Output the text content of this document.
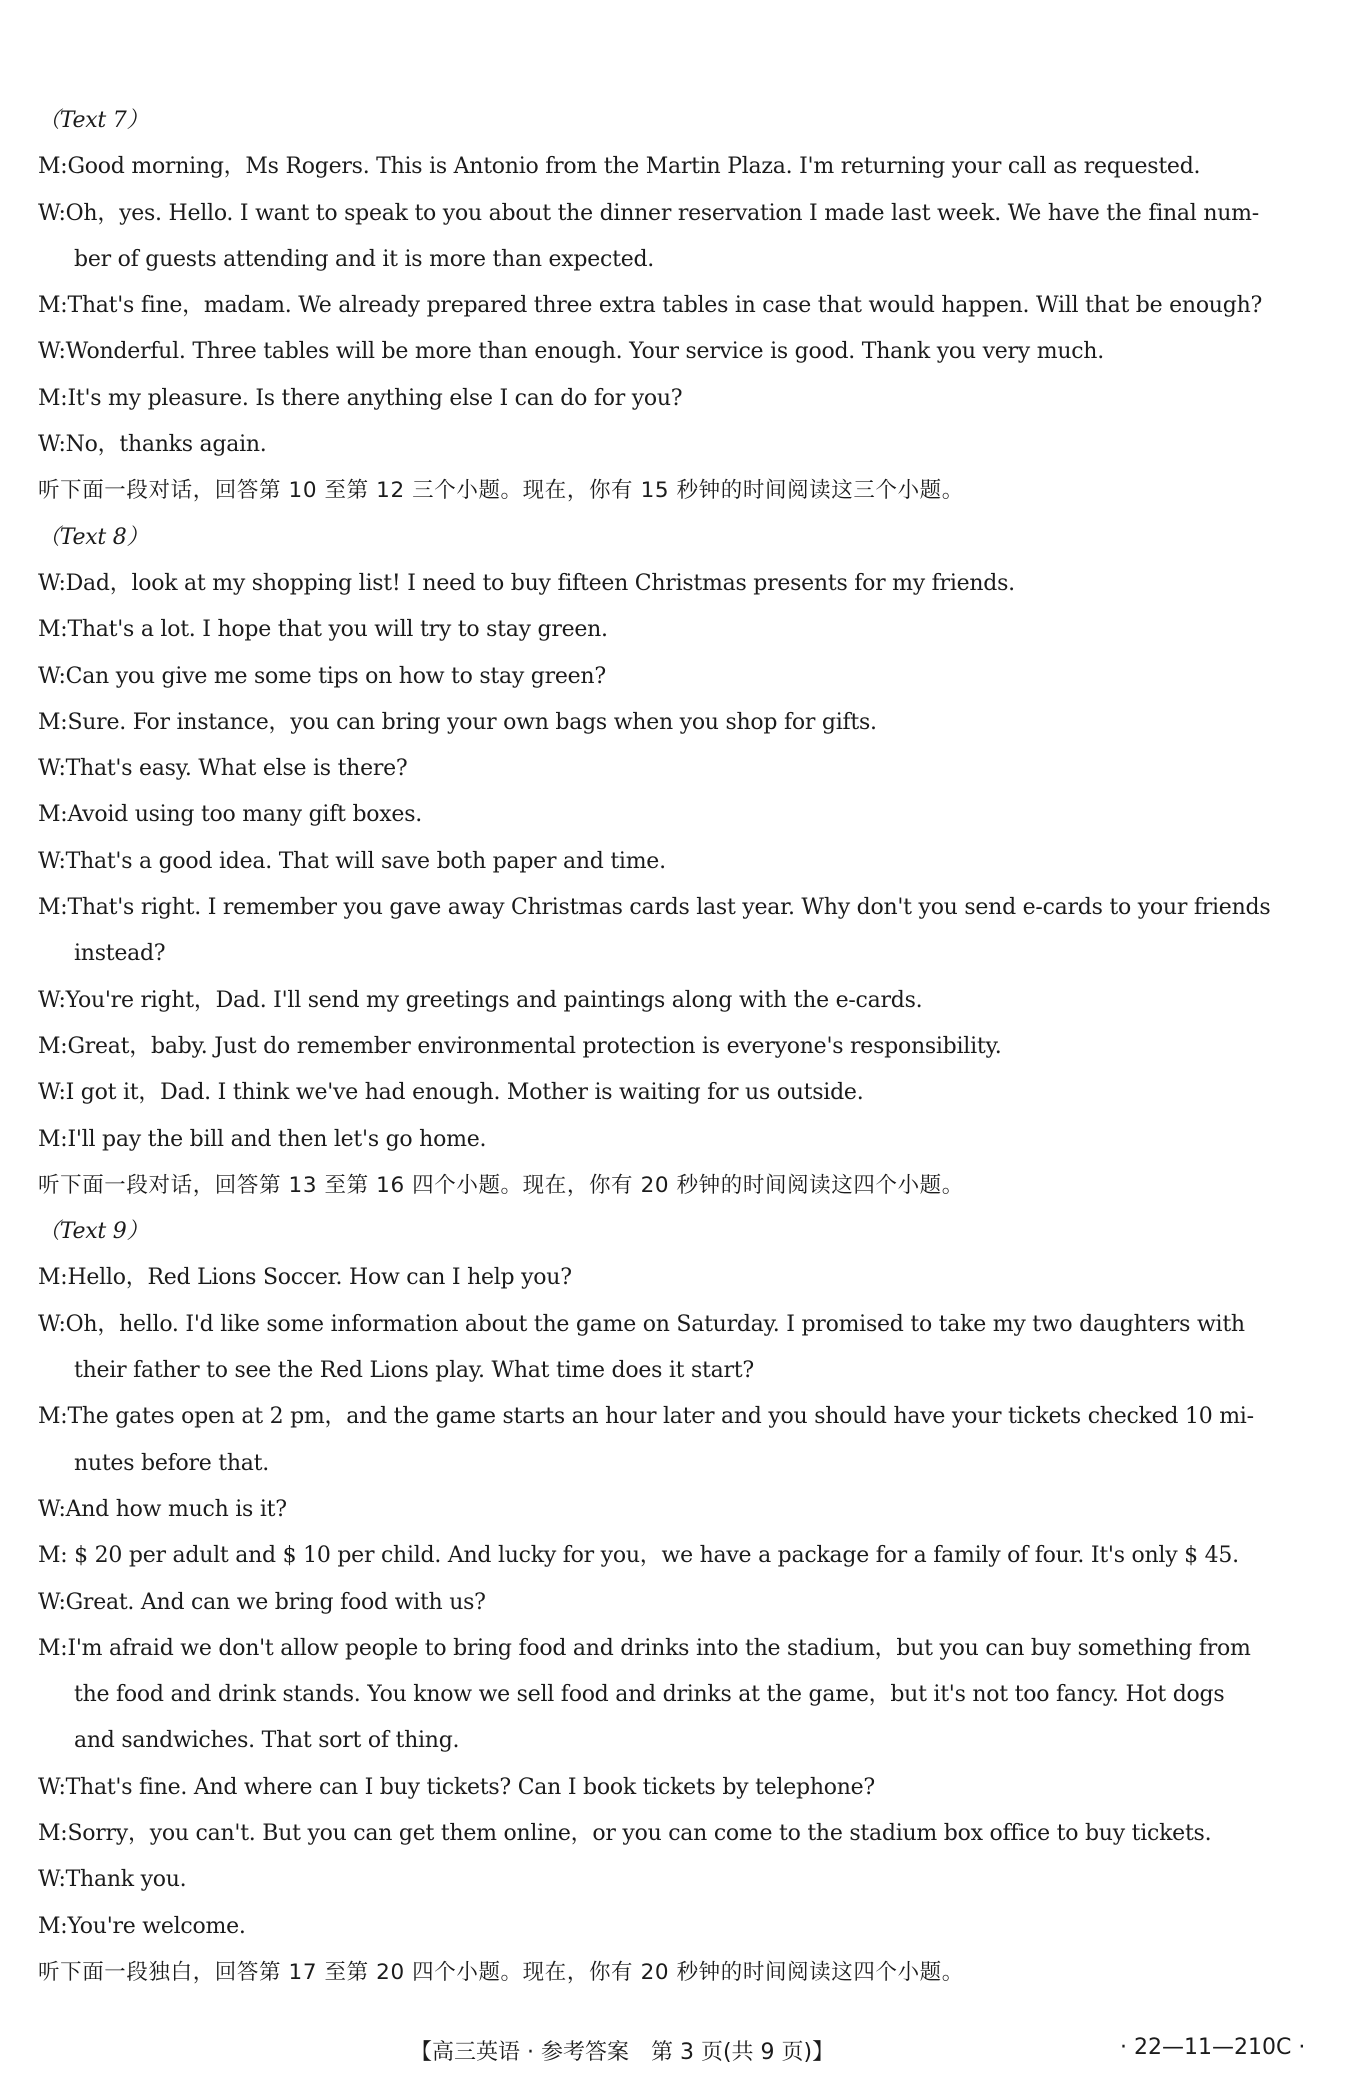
（Text 7）

M:Good morning，Ms Rogers. This is Antonio from the Martin Plaza. I'm returning your call as requested.

W:Oh，yes. Hello. I want to speak to you about the dinner reservation I made last week. We have the final num-

ber of guests attending and it is more than expected.

M:That's fine，madam. We already prepared three extra tables in case that would happen. Will that be enough?

W:Wonderful. Three tables will be more than enough. Your service is good. Thank you very much.

M:It's my pleasure. Is there anything else I can do for you?

W:No，thanks again.

听下面一段对话，回答第 10 至第 12 三个小题。现在，你有 15 秒钟的时间阅读这三个小题。

（Text 8）

W:Dad，look at my shopping list! I need to buy fifteen Christmas presents for my friends.

M:That's a lot. I hope that you will try to stay green.

W:Can you give me some tips on how to stay green?

M:Sure. For instance，you can bring your own bags when you shop for gifts.

W:That's easy. What else is there?

M:Avoid using too many gift boxes.

W:That's a good idea. That will save both paper and time.

M:That's right. I remember you gave away Christmas cards last year. Why don't you send e-cards to your friends

instead?

W:You're right，Dad. I'll send my greetings and paintings along with the e-cards.

M:Great，baby. Just do remember environmental protection is everyone's responsibility.

W:I got it，Dad. I think we've had enough. Mother is waiting for us outside.

M:I'll pay the bill and then let's go home.

听下面一段对话，回答第 13 至第 16 四个小题。现在，你有 20 秒钟的时间阅读这四个小题。

（Text 9）

M:Hello，Red Lions Soccer. How can I help you?

W:Oh，hello. I'd like some information about the game on Saturday. I promised to take my two daughters with

their father to see the Red Lions play. What time does it start?

M:The gates open at 2 pm，and the game starts an hour later and you should have your tickets checked 10 mi-

nutes before that.

W:And how much is it?

M: $ 20 per adult and $ 10 per child. And lucky for you，we have a package for a family of four. It's only $ 45.

W:Great. And can we bring food with us?

M:I'm afraid we don't allow people to bring food and drinks into the stadium，but you can buy something from

the food and drink stands. You know we sell food and drinks at the game，but it's not too fancy. Hot dogs

and sandwiches. That sort of thing.

W:That's fine. And where can I buy tickets? Can I book tickets by telephone?

M:Sorry，you can't. But you can get them online，or you can come to the stadium box office to buy tickets.

W:Thank you.

M:You're welcome.

听下面一段独白，回答第 17 至第 20 四个小题。现在，你有 20 秒钟的时间阅读这四个小题。

【高三英语 · 参考答案　第 3 页(共 9 页)】	· 22—11—210C ·
